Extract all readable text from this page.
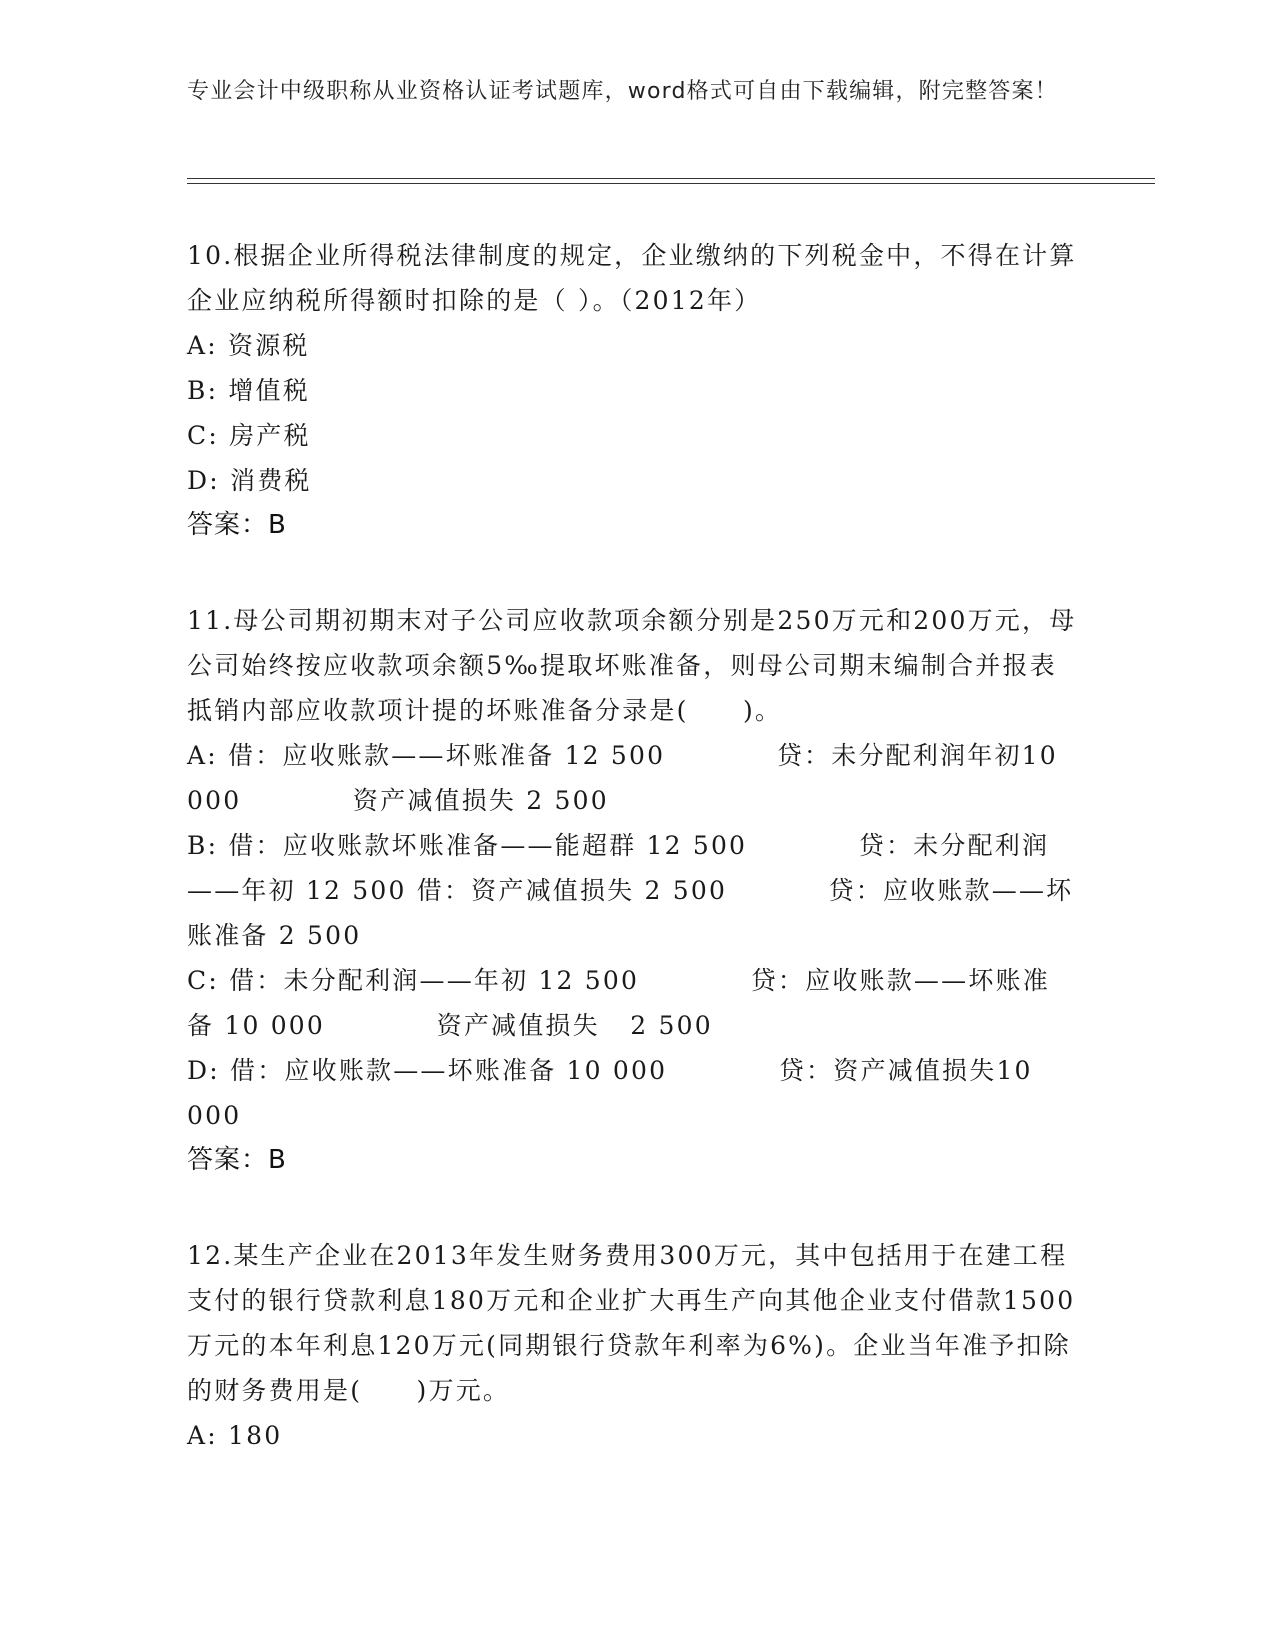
专业会计中级职称从业资格认证考试题库，word格式可自由下载编辑，附完整答案！

10.根据企业所得税法律制度的规定，企业缴纳的下列税金中，不得在计算企业应纳税所得额时扣除的是（ ）。（2012年）

A: 资源税

B: 增值税

C: 房产税

D: 消费税

答案：B

11.母公司期初期末对子公司应收款项余额分别是250万元和200万元，母公司始终按应收款项余额5‰提取坏账准备，则母公司期末编制合并报表抵销内部应收款项计提的坏账准备分录是(　　)。

A: 借：应收账款——坏账准备 12 500           贷：未分配利润年初10 000           资产减值损失 2 500

B: 借：应收账款坏账准备——能超群 12 500           贷：未分配利润——年初 12 500 借：资产减值损失 2 500          贷：应收账款——坏账准备 2 500

C: 借：未分配利润——年初 12 500           贷：应收账款——坏账准备 10 000           资产减值损失   2 500

D: 借：应收账款——坏账准备 10 000           贷：资产减值损失10 000

答案：B

12.某生产企业在2013年发生财务费用300万元，其中包括用于在建工程支付的银行贷款利息180万元和企业扩大再生产向其他企业支付借款1500万元的本年利息120万元(同期银行贷款年利率为6%)。企业当年准予扣除的财务费用是(　　)万元。

A: 180
